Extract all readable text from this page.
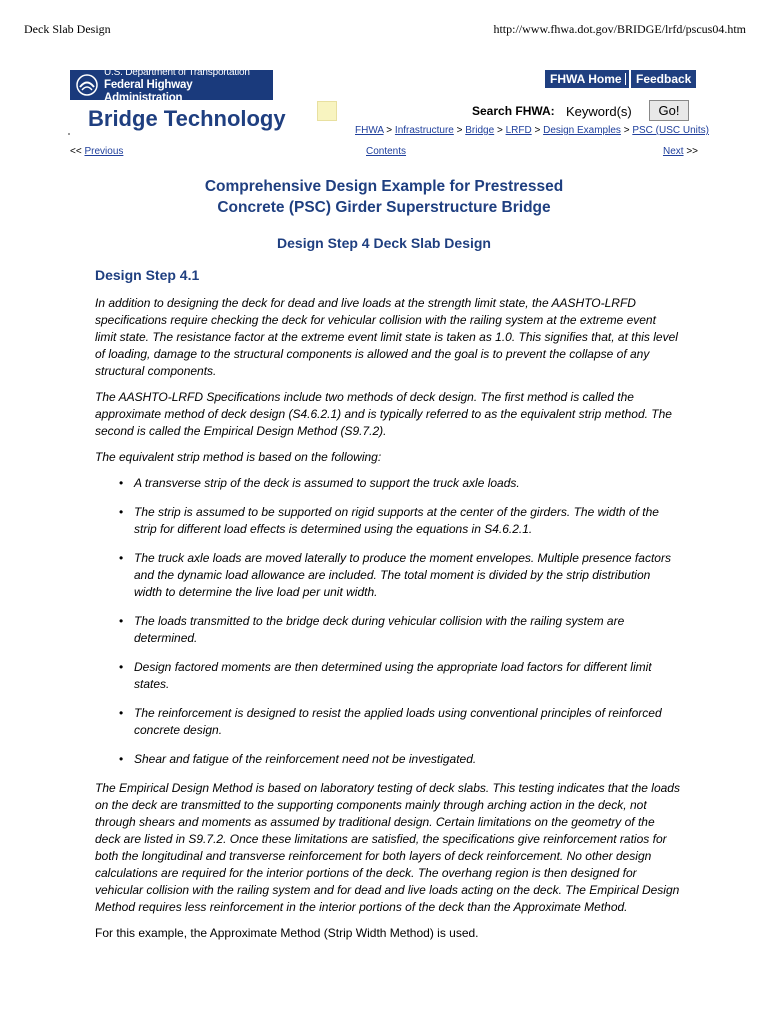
Deck Slab Design	http://www.fhwa.dot.gov/BRIDGE/lrfd/pscus04.htm
U.S. Department of Transportation
Federal Highway Administration
Bridge Technology
FHWA Home	Feedback
Search FHWA:
Keyword(s)	Go!
FHWA > Infrastructure > Bridge > LRFD > Design Examples > PSC (USC Units)
<< Previous	Contents	Next >>
Comprehensive Design Example for Prestressed
Concrete (PSC) Girder Superstructure Bridge
Design Step 4 Deck Slab Design
Design Step 4.1

In addition to designing the deck for dead and live loads at the strength limit state, the AASHTO-LRFD specifications require checking the deck for vehicular collision with the railing system at the extreme event limit state. The resistance factor at the extreme event limit state is taken as 1.0. This signifies that, at this level of loading, damage to the structural components is allowed and the goal is to prevent the collapse of any structural components.

The AASHTO-LRFD Specifications include two methods of deck design. The first method is called the approximate method of deck design (S4.6.2.1) and is typically referred to as the equivalent strip method. The second is called the Empirical Design Method (S9.7.2).

The equivalent strip method is based on the following:

• A transverse strip of the deck is assumed to support the truck axle loads.
• The strip is assumed to be supported on rigid supports at the center of the girders. The width of the strip for different load effects is determined using the equations in S4.6.2.1.
• The truck axle loads are moved laterally to produce the moment envelopes. Multiple presence factors and the dynamic load allowance are included. The total moment is divided by the strip distribution width to determine the live load per unit width.
• The loads transmitted to the bridge deck during vehicular collision with the railing system are determined.
• Design factored moments are then determined using the appropriate load factors for different limit states.
• The reinforcement is designed to resist the applied loads using conventional principles of reinforced concrete design.
• Shear and fatigue of the reinforcement need not be investigated.

The Empirical Design Method is based on laboratory testing of deck slabs. This testing indicates that the loads on the deck are transmitted to the supporting components mainly through arching action in the deck, not through shears and moments as assumed by traditional design. Certain limitations on the geometry of the deck are listed in S9.7.2. Once these limitations are satisfied, the specifications give reinforcement ratios for both the longitudinal and transverse reinforcement for both layers of deck reinforcement. No other design calculations are required for the interior portions of the deck. The overhang region is then designed for vehicular collision with the railing system and for dead and live loads acting on the deck. The Empirical Design Method requires less reinforcement in the interior portions of the deck than the Approximate Method.

For this example, the Approximate Method (Strip Width Method) is used.
